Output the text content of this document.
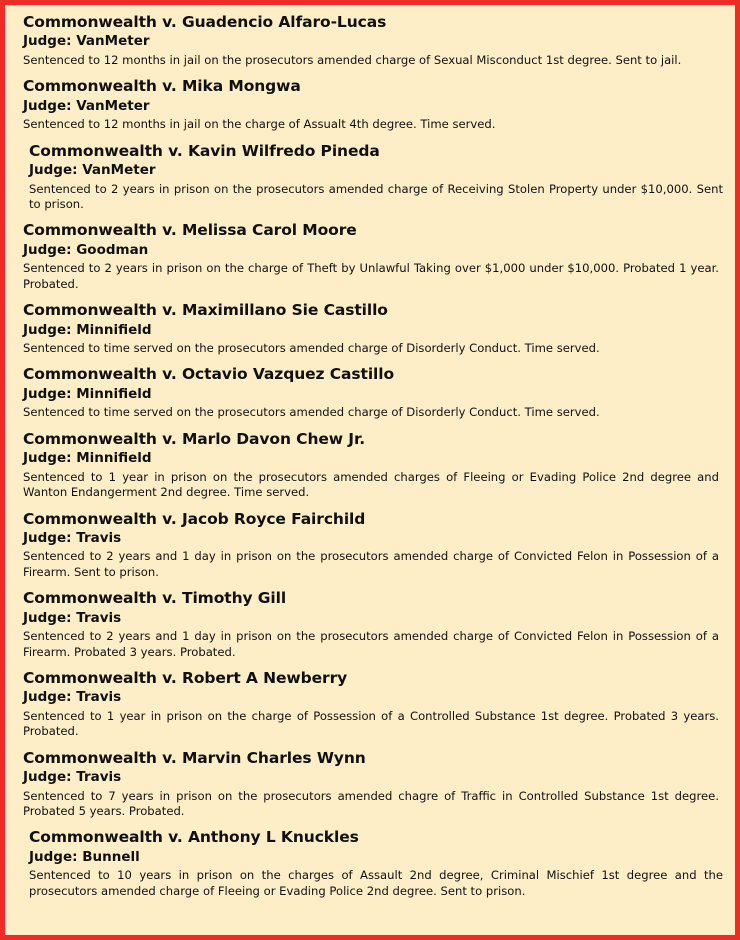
Commonwealth v. Guadencio Alfaro-Lucas
Judge: VanMeter
Sentenced to 12 months in jail on the prosecutors amended charge of Sexual Misconduct 1st degree. Sent to jail.
Commonwealth v. Mika Mongwa
Judge: VanMeter
Sentenced to 12 months in jail on the charge of Assualt 4th degree. Time served.
Commonwealth v. Kavin Wilfredo Pineda
Judge: VanMeter
Sentenced to 2 years in prison on the prosecutors amended charge of Receiving Stolen Property under $10,000. Sent to prison.
Commonwealth v. Melissa Carol Moore
Judge: Goodman
Sentenced to 2 years in prison on the charge of Theft by Unlawful Taking over $1,000 under $10,000. Probated 1 year. Probated.
Commonwealth v. Maximillano Sie Castillo
Judge: Minnifield
Sentenced to time served on the prosecutors amended charge of Disorderly Conduct. Time served.
Commonwealth v. Octavio Vazquez Castillo
Judge: Minnifield
Sentenced to time served on the prosecutors amended charge of Disorderly Conduct. Time served.
Commonwealth v. Marlo Davon Chew Jr.
Judge: Minnifield
Sentenced to 1 year in prison on the prosecutors amended charges of Fleeing or Evading Police 2nd degree and Wanton Endangerment 2nd degree. Time served.
Commonwealth v. Jacob Royce Fairchild
Judge: Travis
Sentenced to 2 years and 1 day in prison on the prosecutors amended charge of Convicted Felon in Possession of a Firearm. Sent to prison.
Commonwealth v. Timothy Gill
Judge: Travis
Sentenced to 2 years and 1 day in prison on the prosecutors amended charge of Convicted Felon in Possession of a Firearm. Probated 3 years. Probated.
Commonwealth v. Robert A Newberry
Judge: Travis
Sentenced to 1 year in prison on the charge of Possession of a Controlled Substance 1st degree. Probated 3 years. Probated.
Commonwealth v. Marvin Charles Wynn
Judge: Travis
Sentenced to 7 years in prison on the prosecutors amended chagre of Traffic in Controlled Substance 1st degree. Probated 5 years. Probated.
Commonwealth v. Anthony L Knuckles
Judge: Bunnell
Sentenced to 10 years in prison on the charges of Assault 2nd degree, Criminal Mischief 1st degree and the prosecutors amended charge of Fleeing or Evading Police 2nd degree. Sent to prison.
